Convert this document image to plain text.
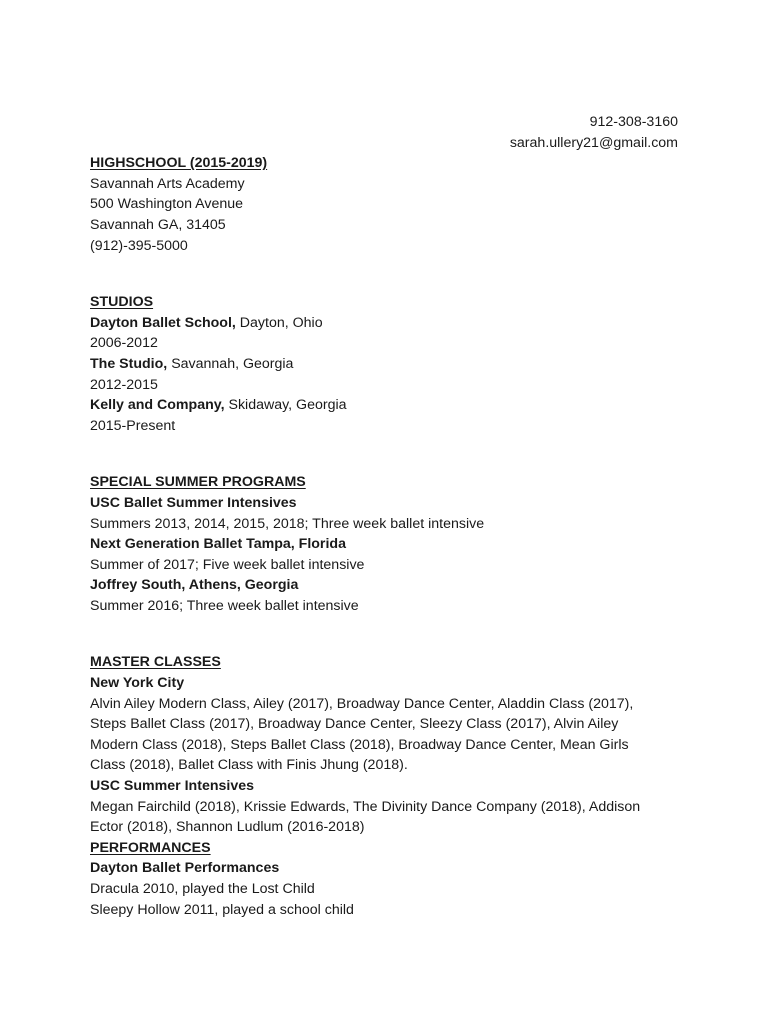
912-308-3160
sarah.ullery21@gmail.com
HIGHSCHOOL (2015-2019)
Savannah Arts Academy
500 Washington Avenue
Savannah GA, 31405
(912)-395-5000
STUDIOS
Dayton Ballet School, Dayton, Ohio
2006-2012
The Studio, Savannah, Georgia
2012-2015
Kelly and Company, Skidaway, Georgia
2015-Present
SPECIAL SUMMER PROGRAMS
USC Ballet Summer Intensives
Summers 2013, 2014, 2015, 2018; Three week ballet intensive
Next Generation Ballet Tampa, Florida
Summer of 2017; Five week ballet intensive
Joffrey South, Athens, Georgia
Summer 2016; Three week ballet intensive
MASTER CLASSES
New York City
Alvin Ailey Modern Class, Ailey (2017), Broadway Dance Center, Aladdin Class (2017),
Steps Ballet Class (2017), Broadway Dance Center, Sleezy Class (2017), Alvin Ailey
Modern Class (2018), Steps Ballet Class (2018), Broadway Dance Center, Mean Girls
Class (2018), Ballet Class with Finis Jhung (2018).
USC Summer Intensives
Megan Fairchild (2018), Krissie Edwards, The Divinity Dance Company (2018), Addison
Ector (2018), Shannon Ludlum (2016-2018)
PERFORMANCES
Dayton Ballet Performances
Dracula 2010, played the Lost Child
Sleepy Hollow 2011, played a school child
